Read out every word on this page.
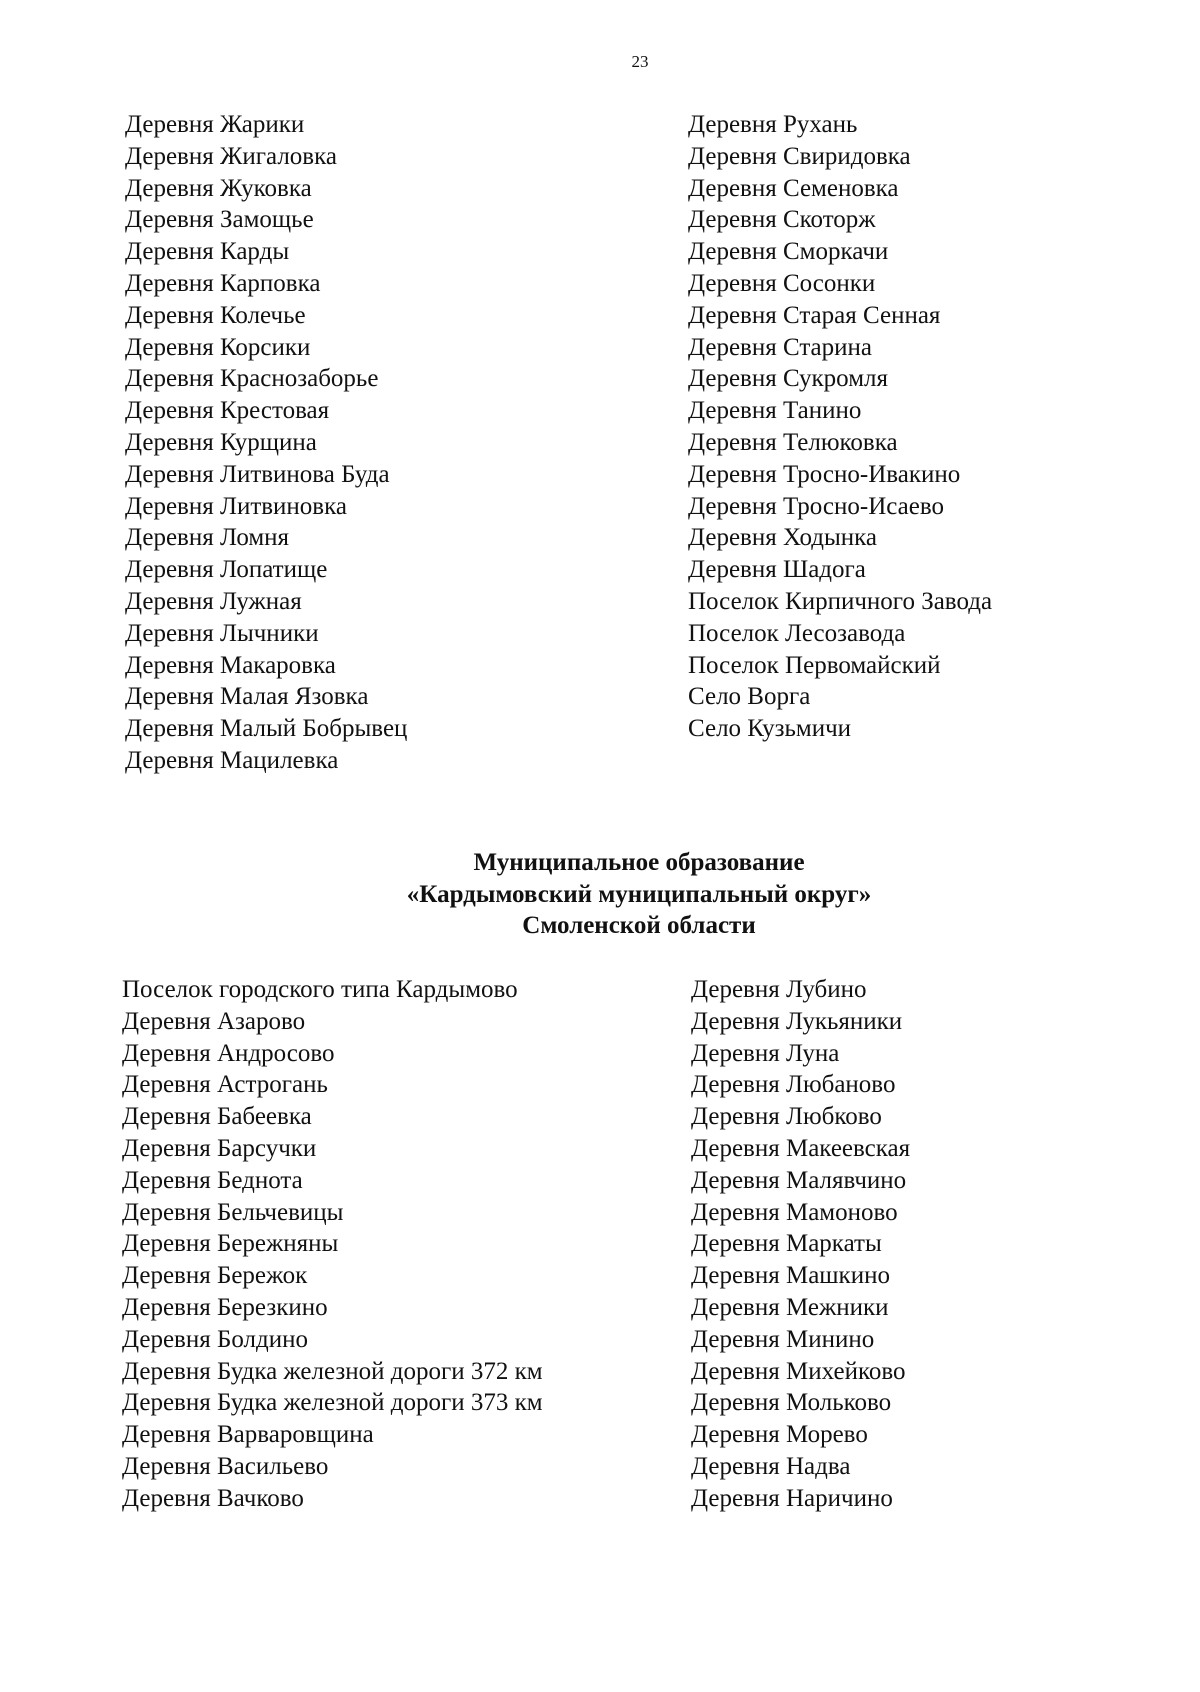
23
Деревня Жарики
Деревня Жигаловка
Деревня Жуковка
Деревня Замощье
Деревня Карды
Деревня Карповка
Деревня Колечье
Деревня Корсики
Деревня Краснозаборье
Деревня Крестовая
Деревня Курщина
Деревня Литвинова Буда
Деревня Литвиновка
Деревня Ломня
Деревня Лопатище
Деревня Лужная
Деревня Лычники
Деревня Макаровка
Деревня Малая Язовка
Деревня Малый Бобрывец
Деревня Мацилевка
Деревня Рухань
Деревня Свиридовка
Деревня Семеновка
Деревня Скоторж
Деревня Сморкачи
Деревня Сосонки
Деревня Старая Сенная
Деревня Старина
Деревня Сукромля
Деревня Танино
Деревня Телюковка
Деревня Тросно-Ивакино
Деревня Тросно-Исаево
Деревня Ходынка
Деревня Шадога
Поселок Кирпичного Завода
Поселок Лесозавода
Поселок Первомайский
Село Ворга
Село Кузьмичи
Муниципальное образование
«Кардымовский муниципальный округ»
Смоленской области
Поселок городского типа Кардымово
Деревня Азарово
Деревня Андросово
Деревня Астрогань
Деревня Бабеевка
Деревня Барсучки
Деревня Беднота
Деревня Бельчевицы
Деревня Бережняны
Деревня Бережок
Деревня Березкино
Деревня Болдино
Деревня Будка железной дороги 372 км
Деревня Будка железной дороги 373 км
Деревня Варваровщина
Деревня Васильево
Деревня Вачково
Деревня Лубино
Деревня Лукьяники
Деревня Луна
Деревня Любаново
Деревня Любково
Деревня Макеевская
Деревня Малявчино
Деревня Мамоново
Деревня Маркаты
Деревня Машкино
Деревня Межники
Деревня Минино
Деревня Михейково
Деревня Мольково
Деревня Морево
Деревня Надва
Деревня Наричино
